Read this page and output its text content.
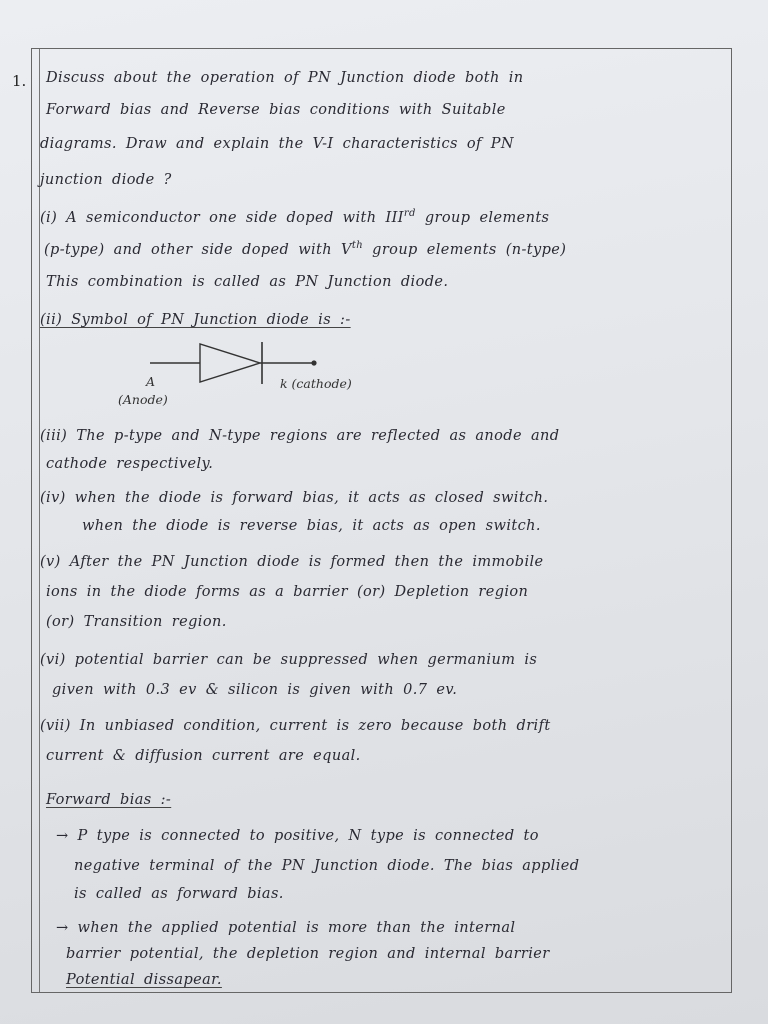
1. Discuss about the operation of PN Junction diode both in
Forward bias and Reverse bias conditions with Suitable
diagrams. Draw and explain the V-I characteristics of PN
junction diode ?
(i) A semiconductor one side doped with IIIrd group elements
(p-type) and other side doped with Vth group elements (n-type)
This combination is called as PN Junction diode.
(ii) Symbol of PN Junction diode is :-
A
(Anode)
k (cathode)
(iii) The p-type and N-type regions are reflected as anode and
cathode respectively.
(iv) when the diode is forward bias, it acts as closed switch.
when the diode is reverse bias, it acts as open switch.
(v) After the PN Junction diode is formed then the immobile
ions in the diode forms as a barrier (or) Depletion region
(or) Transition region.
(vi) potential barrier can be suppressed when germanium is
given with 0.3 ev & silicon is given with 0.7 ev.
(vii) In unbiased condition, current is zero because both drift
current & diffusion current are equal.
Forward bias :-
→ P type is connected to positive, N type is connected to
negative terminal of the PN Junction diode. The bias applied
is called as forward bias.
→ when the applied potential is more than the internal
barrier potential, the depletion region and internal barrier
Potential dissapear.
